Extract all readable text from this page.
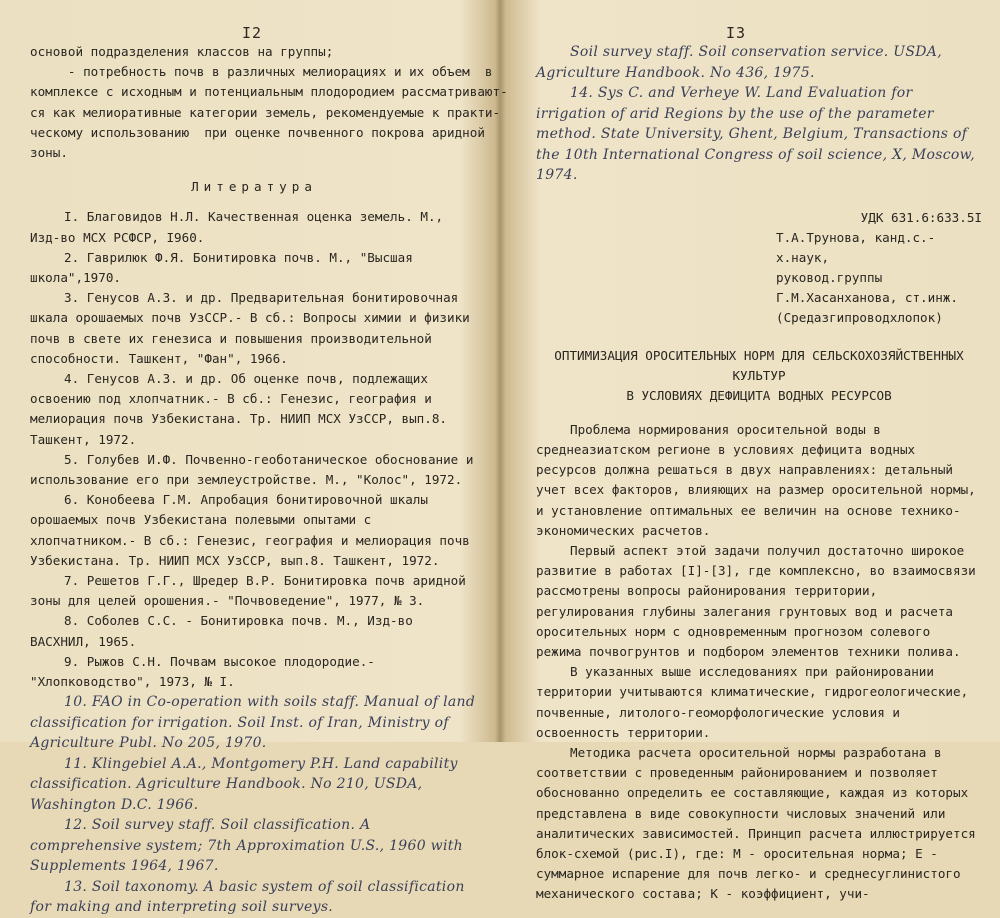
I2

основой подразделения классов на группы;

- потребность почв в различных мелиорациях и их объем  в

комплексе с исходным и потенциальным плодородием рассматривают-

ся как мелиоративные категории земель, рекомендуемые к практи-

ческому использованию  при оценке почвенного покрова аридной

зоны.

Литература

I. Благовидов Н.Л. Качественная оценка земель. М., Изд-во МСХ РСФСР, I960.

2. Гаврилюк Ф.Я. Бонитировка почв. М., "Высшая школа",1970.

3. Генусов А.З. и др. Предварительная бонитировочная шкала орошаемых почв УзССР.- В сб.: Вопросы химии и физики почв в свете их генезиса и повышения производительной способности. Ташкент, "Фан", 1966.

4. Генусов А.З. и др. Об оценке почв, подлежащих освоению под хлопчатник.- В сб.: Генезис, география и мелиорация почв Узбекистана. Тр. НИИП МСХ УзССР, вып.8. Ташкент, 1972.

5. Голубев И.Ф. Почвенно-геоботаническое обоснование и использование его при землеустройстве. М., "Колос", 1972.

6. Конобеева Г.М. Апробация бонитировочной шкалы орошаемых почв Узбекистана полевыми опытами с хлопчатником.- В сб.: Генезис, география и мелиорация почв Узбекистана. Тр. НИИП МСХ УзССР, вып.8. Ташкент, 1972.

7. Решетов Г.Г., Шредер В.Р. Бонитировка почв аридной зоны для целей орошения.- "Почвоведение", 1977, № 3.

8. Соболев С.С. - Бонитировка почв. М., Изд-во ВАСХНИЛ, 1965.

9. Рыжов С.Н. Почвам высокое плодородие.- "Хлопководство", 1973, № I.

10. FAO in Co-operation with soils staff. Manual of land classification for irrigation. Soil Inst. of Iran, Ministry of Agriculture Publ. No 205, 1970.

11. Klingebiel A.A., Montgomery P.H. Land capability classification. Agriculture Handbook. No 210, USDA, Washington D.C. 1966.

12. Soil survey staff. Soil classification. A comprehensive system; 7th Approximation U.S., 1960 with Supplements 1964, 1967.

13. Soil taxonomy. A basic system of soil classification for making and interpreting soil surveys.

I3

Soil survey staff. Soil conservation service. USDA, Agriculture Handbook. No 436, 1975.

14. Sys C. and Verheye W. Land Evaluation for irrigation of arid Regions by the use of the parameter method. State University, Ghent, Belgium, Transactions of the 10th International Congress of soil science, X, Moscow, 1974.

УДК 631.6:633.5I

Т.А.Трунова, канд.с.-х.наук,

руковод.группы

Г.М.Хасанханова, ст.инж.

(Средазгипроводхлопок)

ОПТИМИЗАЦИЯ ОРОСИТЕЛЬНЫХ НОРМ ДЛЯ СЕЛЬСКОХОЗЯЙСТВЕННЫХ КУЛЬТУР

В УСЛОВИЯХ ДЕФИЦИТА ВОДНЫХ РЕСУРСОВ

Проблема нормирования оросительной воды в среднеазиатском регионе в условиях дефицита водных ресурсов должна решаться в двух направлениях: детальный учет всех факторов, влияющих на размер оросительной нормы, и установление оптимальных ее величин на основе технико-экономических расчетов.

Первый аспект этой задачи получил достаточно широкое развитие в работах [I]-[3], где комплексно, во взаимосвязи рассмотрены вопросы районирования территории, регулирования глубины залегания грунтовых вод и расчета оросительных норм с одновременным прогнозом солевого режима почвогрунтов и подбором элементов техники полива.

В указанных выше исследованиях при районировании территории учитываются климатические, гидрогеологические, почвенные, литолого-геоморфологические условия и освоенность территории.

Методика расчета оросительной нормы разработана в соответствии с проведенным районированием и позволяет обоснованно определить ее составляющие, каждая из которых представлена в виде совокупности числовых значений или аналитических зависимостей. Принцип расчета иллюстрируется блок-схемой (рис.I), где: M - оросительная норма; E - суммарное испарение для почв легко- и среднесуглинистого механического состава; K - коэффициент, учи-
